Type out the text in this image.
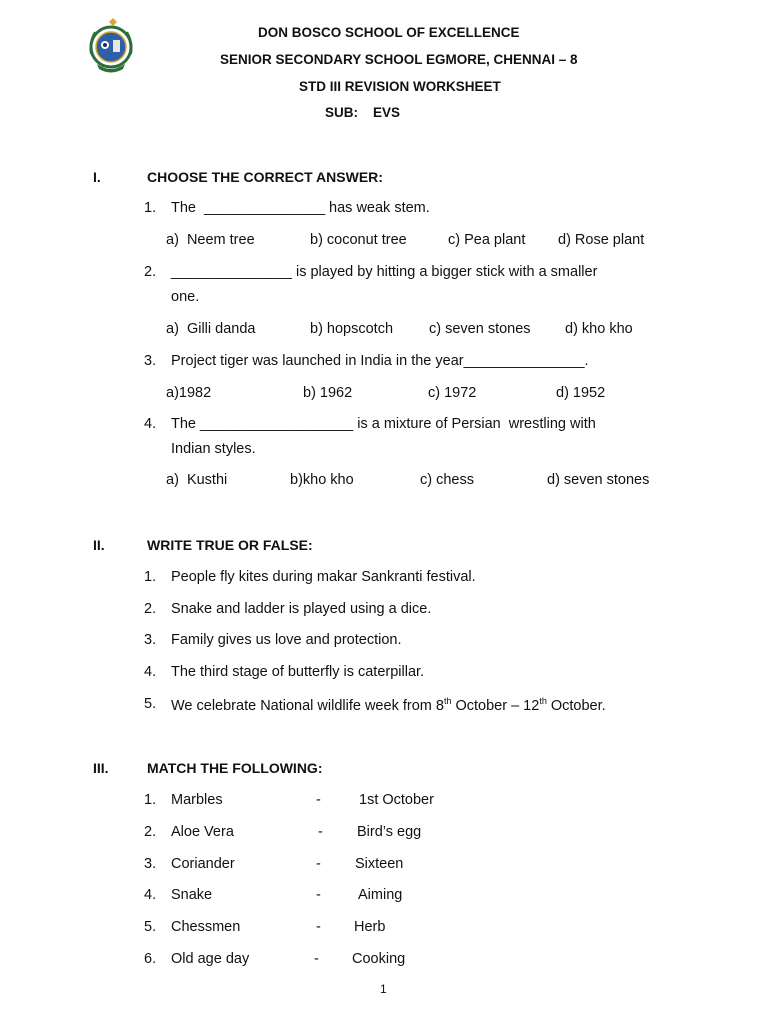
DON BOSCO SCHOOL OF EXCELLENCE
SENIOR SECONDARY SCHOOL EGMORE, CHENNAI – 8
STD III REVISION WORKSHEET
SUB:    EVS
I.	CHOOSE THE CORRECT ANSWER:
1. The  _______________ has weak stem.
a)  Neem tree	b) coconut tree	c) Pea plant d) Rose plant
2. _______________ is played by hitting a bigger stick with a smaller
one.
a)  Gilli danda	b) hopscotch c) seven stones d) kho kho
3. Project tiger was launched in India in the year_______________.
a)1982	b) 1962	c) 1972	d) 1952
4. The ___________________ is a mixture of Persian  wrestling with
Indian styles.
a)  Kusthi	b)kho kho	c) chess	d) seven stones
II.	WRITE TRUE OR FALSE:
1. People fly kites during makar Sankranti festival.
2. Snake and ladder is played using a dice.
3. Family gives us love and protection.
4. The third stage of butterfly is caterpillar.
5. We celebrate National wildlife week from 8th October – 12th October.
III.	MATCH THE FOLLOWING:
1. Marbles	-	1st October
2. Aloe Vera	- Bird’s egg
3. Coriander	- Sixteen
4. Snake	-	Aiming
5. Chessmen	- Herb
6. Old age day	- Cooking
1
